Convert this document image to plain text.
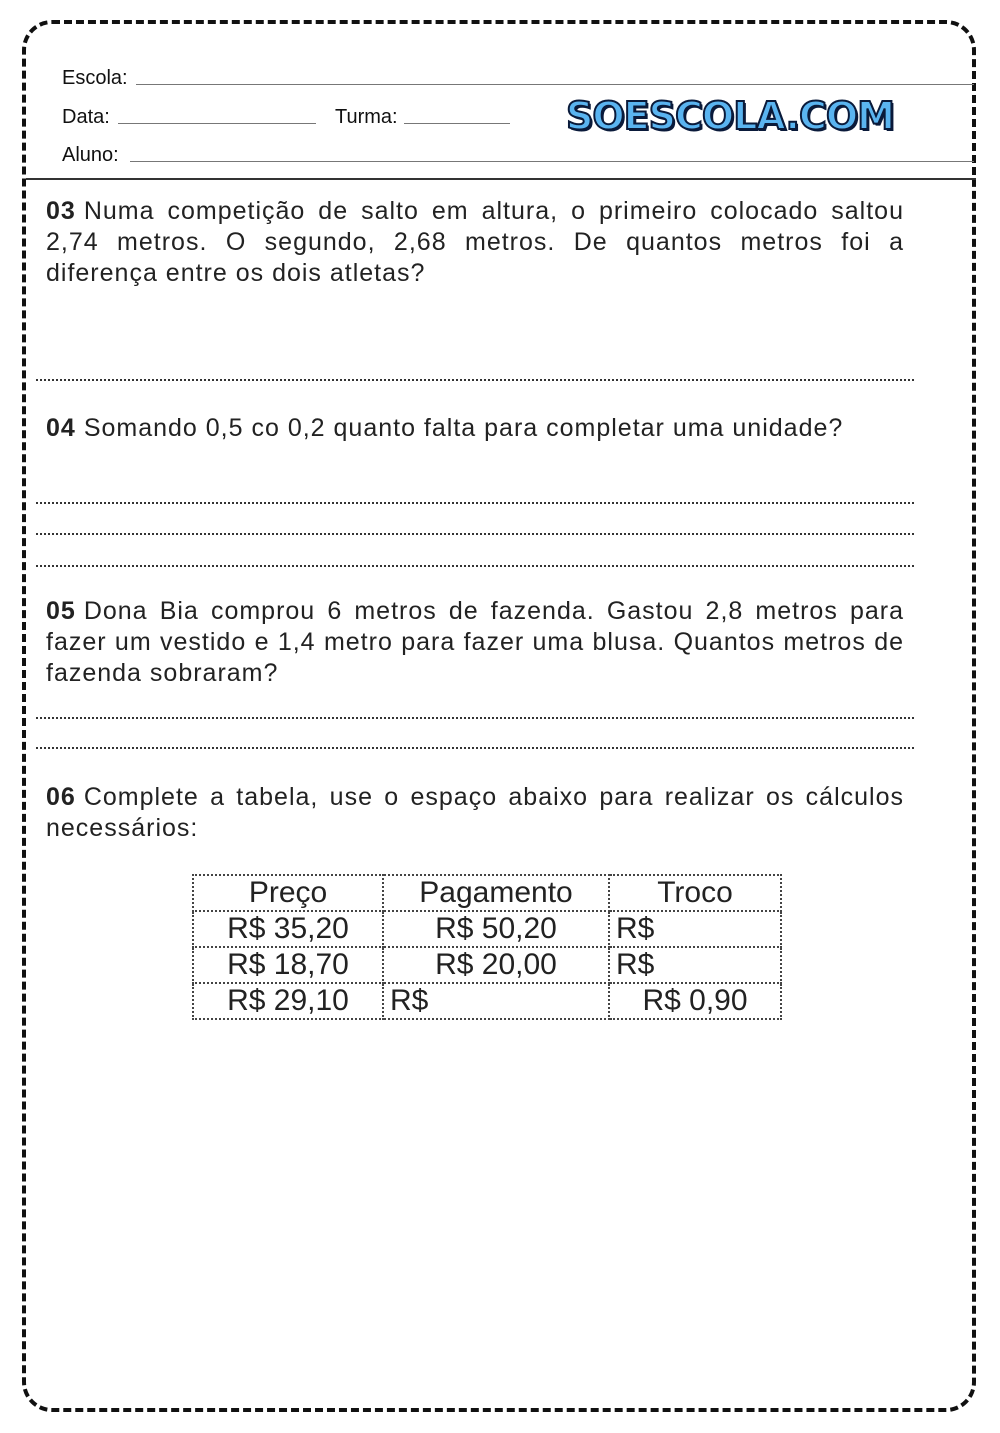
Escola:
Data:	Turma:	SOESCOLA.COM
Aluno:
03 Numa competição de salto em altura, o primeiro colocado saltou 2,74 metros. O segundo, 2,68 metros. De quantos metros foi a diferença entre os dois atletas?
04 Somando 0,5 co 0,2 quanto falta para completar uma unidade?
05 Dona Bia comprou 6 metros de fazenda. Gastou 2,8 metros para fazer um vestido e 1,4 metro para fazer uma blusa. Quantos metros de fazenda sobraram?
06 Complete a tabela, use o espaço abaixo para realizar os cálculos necessários:
Preço	Pagamento	Troco
R$ 35,20	R$ 50,20	R$
R$ 18,70	R$ 20,00	R$
R$ 29,10	R$	R$ 0,90
